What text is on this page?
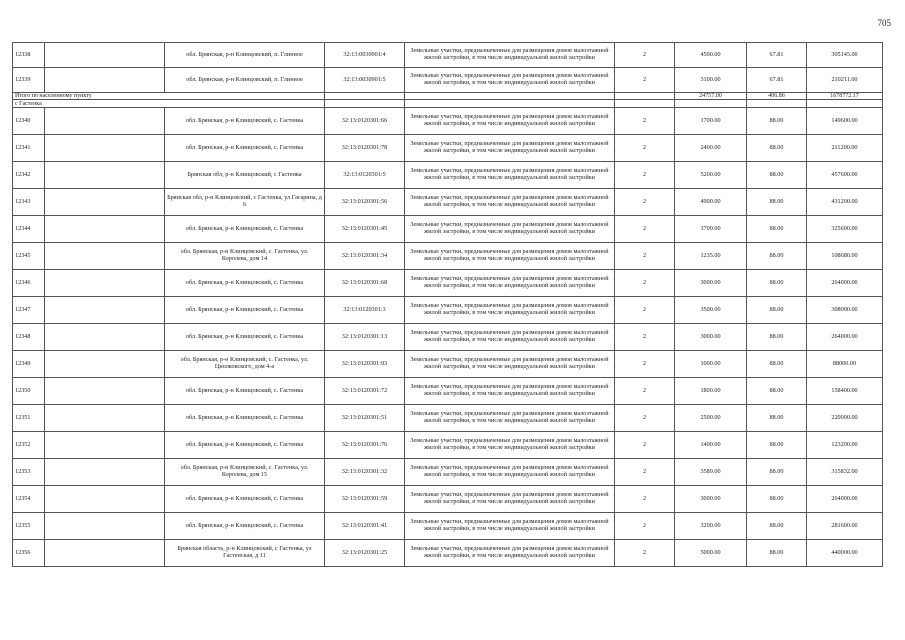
705
12338		обл. Брянская, р-н Клинцовский, п. Глинное	32:13:0030901:4	Земельные участки, предназначенные для размещения домов малоэтажной жилой застройки, в том числе индивидуальной жилой застройки	2	4500.00	67.81	305145.00
12339		обл. Брянская, р-н Клинцовский, п. Глинное	32:13:0030901:5	Земельные участки, предназначенные для размещения домов малоэтажной жилой застройки, в том числе индивидуальной жилой застройки	2	3100.00	67.81	210211.00
Итого по населенному пункту						24757.00	406.86	1678772.17
с Гастенка								
12340		обл. Брянская, р-н Клинцовский, с. Гастенка	32:13:0120301:66	Земельные участки, предназначенные для размещения домов малоэтажной жилой застройки, в том числе индивидуальной жилой застройки	2	1700.00	88.00	149600.00
12341		обл. Брянская, р-н Клинцовский, с. Гастенка	32:13:0120301:78	Земельные участки, предназначенные для размещения домов малоэтажной жилой застройки, в том числе индивидуальной жилой застройки	2	2400.00	88.00	211200.00
12342		Брянская обл, р-н Клинцовский, с Гастенка	32:13:0120301:5	Земельные участки, предназначенные для размещения домов малоэтажной жилой застройки, в том числе индивидуальной жилой застройки	2	5200.00	88.00	457600.00
12343		Брянская обл, р-н Клинцовский, с Гастенка, ул Гагарина, д 6	32:13:0120301:56	Земельные участки, предназначенные для размещения домов малоэтажной жилой застройки, в том числе индивидуальной жилой застройки	2	4900.00	88.00	431200.00
12344		обл. Брянская, р-н Клинцовский, с. Гастенка	32:13:0120301:45	Земельные участки, предназначенные для размещения домов малоэтажной жилой застройки, в том числе индивидуальной жилой застройки	2	3700.00	88.00	325600.00
12345		обл. Брянская, р-н Клинцовский, с. Гастенка, ул. Королева, дом 14	32:13:0120301:34	Земельные участки, предназначенные для размещения домов малоэтажной жилой застройки, в том числе индивидуальной жилой застройки	2	1235.00	88.00	108680.00
12346		обл. Брянская, р-н Клинцовский, с. Гастенка	32:13:0120301:68	Земельные участки, предназначенные для размещения домов малоэтажной жилой застройки, в том числе индивидуальной жилой застройки	2	3000.00	88.00	264000.00
12347		обл. Брянская, р-н Клинцовский, с. Гастенка	32:13:0120301:3	Земельные участки, предназначенные для размещения домов малоэтажной жилой застройки, в том числе индивидуальной жилой застройки	2	3500.00	88.00	308000.00
12348		обл. Брянская, р-н Клинцовский, с. Гастенка	32:13:0120301:13	Земельные участки, предназначенные для размещения домов малоэтажной жилой застройки, в том числе индивидуальной жилой застройки	2	3000.00	88.00	264000.00
12349		обл. Брянская, р-н Клинцовский, с. Гастенка, ул. Циолковского, дом 4-а	32:13:0120301:93	Земельные участки, предназначенные для размещения домов малоэтажной жилой застройки, в том числе индивидуальной жилой застройки	2	1000.00	88.00	88000.00
12350		обл. Брянская, р-н Клинцовский, с. Гастенка	32:13:0120301:72	Земельные участки, предназначенные для размещения домов малоэтажной жилой застройки, в том числе индивидуальной жилой застройки	2	1800.00	88.00	158400.00
12351		обл. Брянская, р-н Клинцовский, с. Гастенка	32:13:0120301:51	Земельные участки, предназначенные для размещения домов малоэтажной жилой застройки, в том числе индивидуальной жилой застройки	2	2500.00	88.00	220000.00
12352		обл. Брянская, р-н Клинцовский, с. Гастенка	32:13:0120301:76	Земельные участки, предназначенные для размещения домов малоэтажной жилой застройки, в том числе индивидуальной жилой застройки	2	1400.00	88.00	123200.00
12353		обл. Брянская, р-н Клинцовский, с. Гастенка, ул. Королева, дом 15	32:13:0120301:32	Земельные участки, предназначенные для размещения домов малоэтажной жилой застройки, в том числе индивидуальной жилой застройки	2	3589.00	88.00	315832.00
12354		обл. Брянская, р-н Клинцовский, с. Гастенка	32:13:0120301:59	Земельные участки, предназначенные для размещения домов малоэтажной жилой застройки, в том числе индивидуальной жилой застройки	2	3000.00	88.00	264000.00
12355		обл. Брянская, р-н Клинцовский, с. Гастенка	32:13:0120301:41	Земельные участки, предназначенные для размещения домов малоэтажной жилой застройки, в том числе индивидуальной жилой застройки	2	3200.00	88.00	281600.00
12356		Брянская область, р-н Клинцовский, с Гастенка, ул Гастенская, д 11	32:13:0120301:25	Земельные участки, предназначенные для размещения домов малоэтажной жилой застройки, в том числе индивидуальной жилой застройки	2	5000.00	88.00	440000.00
